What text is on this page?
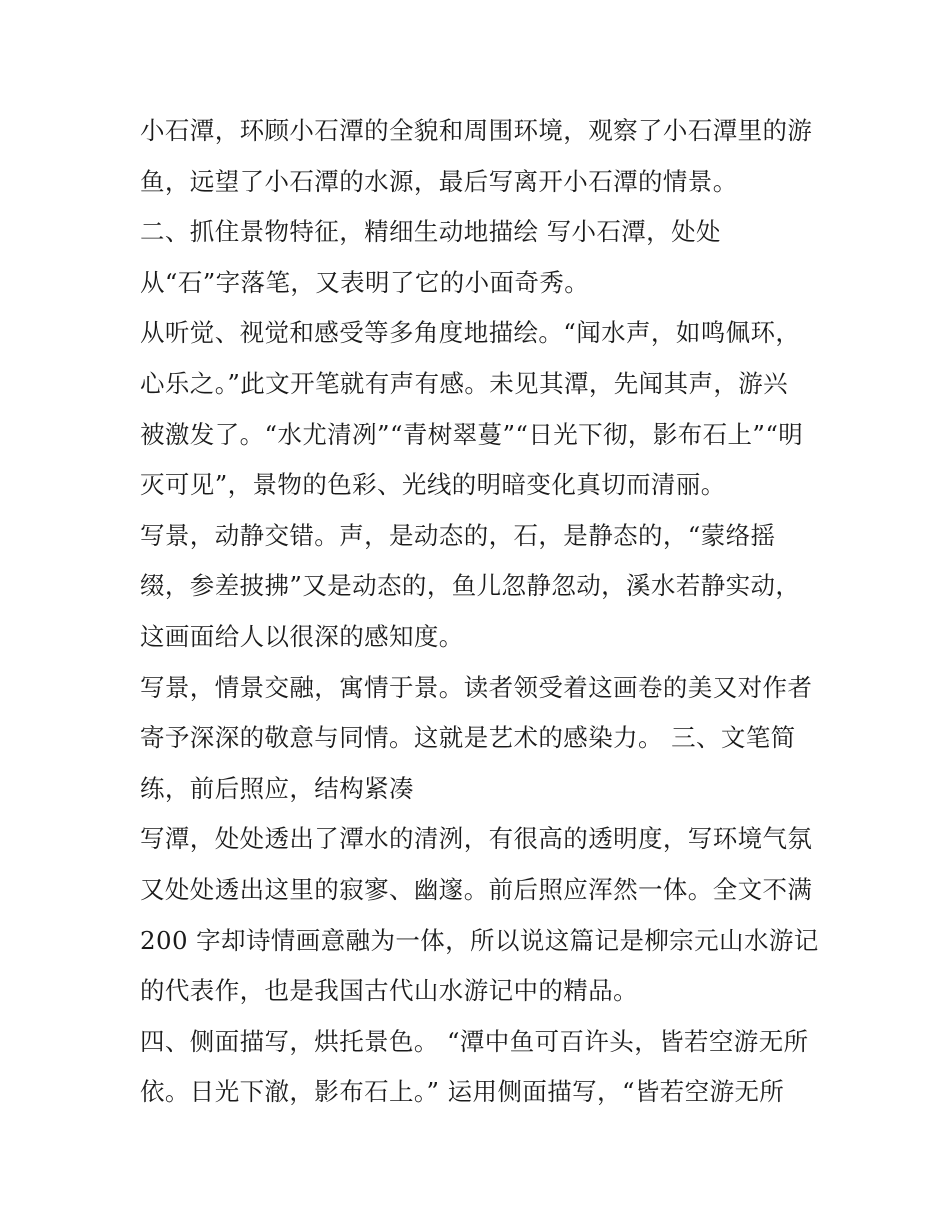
小石潭，环顾小石潭的全貌和周围环境，观察了小石潭里的游
鱼，远望了小石潭的水源，最后写离开小石潭的情景。
二、抓住景物特征，精细生动地描绘 写小石潭，处处
从“石”字落笔，又表明了它的小面奇秀。
从听觉、视觉和感受等多角度地描绘。“闻水声，如鸣佩环，
心乐之。”此文开笔就有声有感。未见其潭，先闻其声，游兴
被激发了。“水尤清冽”“青树翠蔓”“日光下彻，影布石上”“明
灭可见”，景物的色彩、光线的明暗变化真切而清丽。
写景，动静交错。声，是动态的，石，是静态的，“蒙络摇
缀，参差披拂”又是动态的，鱼儿忽静忽动，溪水若静实动，
这画面给人以很深的感知度。
写景，情景交融，寓情于景。读者领受着这画卷的美又对作者
寄予深深的敬意与同情。这就是艺术的感染力。 三、文笔简
练，前后照应，结构紧凑
写潭，处处透出了潭水的清洌，有很高的透明度，写环境气氛
又处处透出这里的寂寥、幽邃。前后照应浑然一体。全文不满
200 字却诗情画意融为一体，所以说这篇记是柳宗元山水游记
的代表作，也是我国古代山水游记中的精品。
四、侧面描写，烘托景色。 “潭中鱼可百许头，皆若空游无所
依。日光下澈，影布石上。” 运用侧面描写，“皆若空游无所
